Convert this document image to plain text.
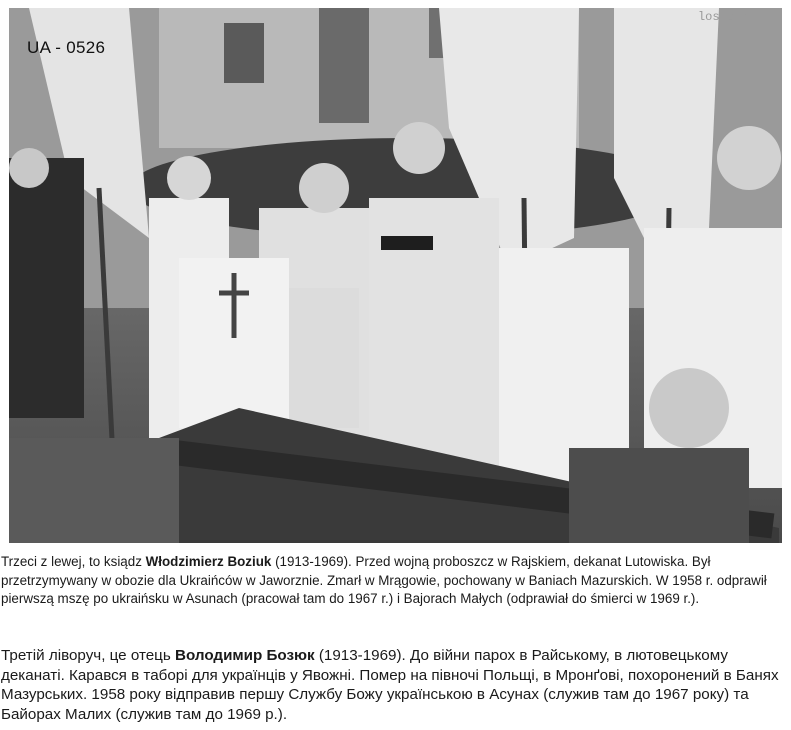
UA - 0526
los.org.pl
Trzeci z lewej, to ksiądz Włodzimierz Boziuk (1913-1969). Przed wojną proboszcz w Rajskiem, dekanat Lutowiska. Był przetrzymywany w obozie dla Ukraińców w Jaworznie. Zmarł w Mrągowie, pochowany w Baniach Mazurskich. W 1958 r. odprawił pierwszą mszę po ukraińsku w Asunach (pracował tam do 1967 r.) i Bajorach Małych (odprawiał do śmierci w 1969 r.).
Третій ліворуч, це отець Володимир Бозюк (1913-1969). До війни парох в Райському, в лютовецькому деканаті. Карався в таборі для українців у Явожні. Помер на півночі Польщі, в Мронґові, похоронений в Банях Мазурських. 1958 року відправив першу Службу Божу українською в Асунах (служив там до 1967 року) та Байорах Малих (служив там до 1969 р.).
